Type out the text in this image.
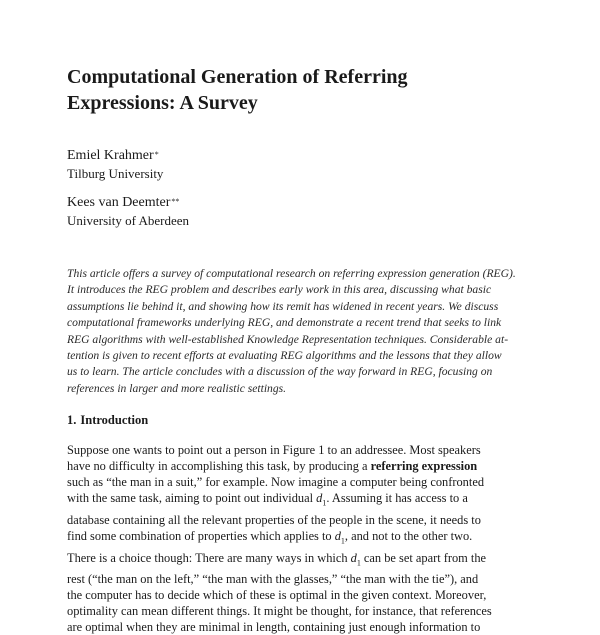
Computational Generation of Referring
Expressions: A Survey
Emiel Krahmer*
Tilburg University
Kees van Deemter**
University of Aberdeen
This article offers a survey of computational research on referring expression generation (REG).
It introduces the REG problem and describes early work in this area, discussing what basic
assumptions lie behind it, and showing how its remit has widened in recent years. We discuss
computational frameworks underlying REG, and demonstrate a recent trend that seeks to link
REG algorithms with well-established Knowledge Representation techniques. Considerable at-
tention is given to recent efforts at evaluating REG algorithms and the lessons that they allow
us to learn. The article concludes with a discussion of the way forward in REG, focusing on
references in larger and more realistic settings.
1. Introduction
Suppose one wants to point out a person in Figure 1 to an addressee. Most speakers
have no difficulty in accomplishing this task, by producing a referring expression
such as “the man in a suit,” for example. Now imagine a computer being confronted
with the same task, aiming to point out individual $d_1$. Assuming it has access to a
database containing all the relevant properties of the people in the scene, it needs to
find some combination of properties which applies to $d_1$, and not to the other two.
There is a choice though: There are many ways in which $d_1$ can be set apart from the
rest (“the man on the left,” “the man with the glasses,” “the man with the tie”), and
the computer has to decide which of these is optimal in the given context. Moreover,
optimality can mean different things. It might be thought, for instance, that references
are optimal when they are minimal in length, containing just enough information to
